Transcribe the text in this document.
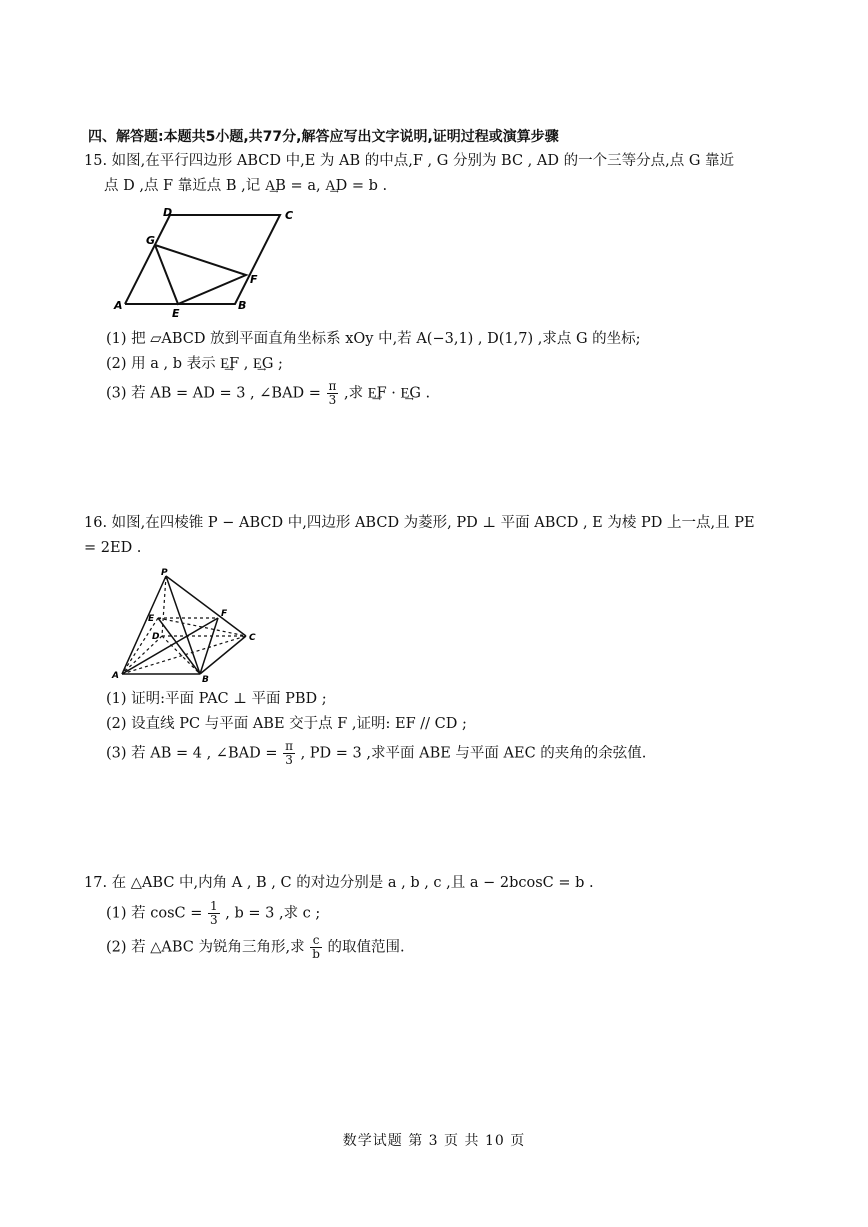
四、解答题:本题共5小题,共77分,解答应写出文字说明,证明过程或演算步骤
15. 如图,在平行四边形 ABCD 中,E 为 AB 的中点,F , G 分别为 BC , AD 的一个三等分点,点 G 靠近
点 D ,点 F 靠近点 B ,记 A͢B = a, A͢D = b .
D	C
G
F
A	B
E
(1) 把 ▱ABCD 放到平面直角坐标系 xOy 中,若 A(−3,1) , D(1,7) ,求点 G 的坐标;
(2) 用 a , b 表示 E͢F , E͢G ;
(3) 若 AB = AD = 3 , ∠BAD = $\frac{\pi}{3}$ ,求 E͢F · E͢G .
16. 如图,在四棱锥 P − ABCD 中,四边形 ABCD 为菱形, PD ⊥ 平面 ABCD , E 为棱 PD 上一点,且 PE
= 2ED .
P
F
E
D	C
A	B
(1) 证明:平面 PAC ⊥ 平面 PBD ;
(2) 设直线 PC 与平面 ABE 交于点 F ,证明: EF // CD ;
(3) 若 AB = 4 , ∠BAD = $\frac{\pi}{3}$ , PD = 3 ,求平面 ABE 与平面 AEC 的夹角的余弦值.
17. 在 △ABC 中,内角 A , B , C 的对边分别是 a , b , c ,且 a − 2bcosC = b .
(1) 若 $\cos C = \frac{1}{3}$ , b = 3 ,求 c ;
(2) 若 △ABC 为锐角三角形,求 $\frac{c}{b}$ 的取值范围.
数学试题 第 3 页 共 10 页
